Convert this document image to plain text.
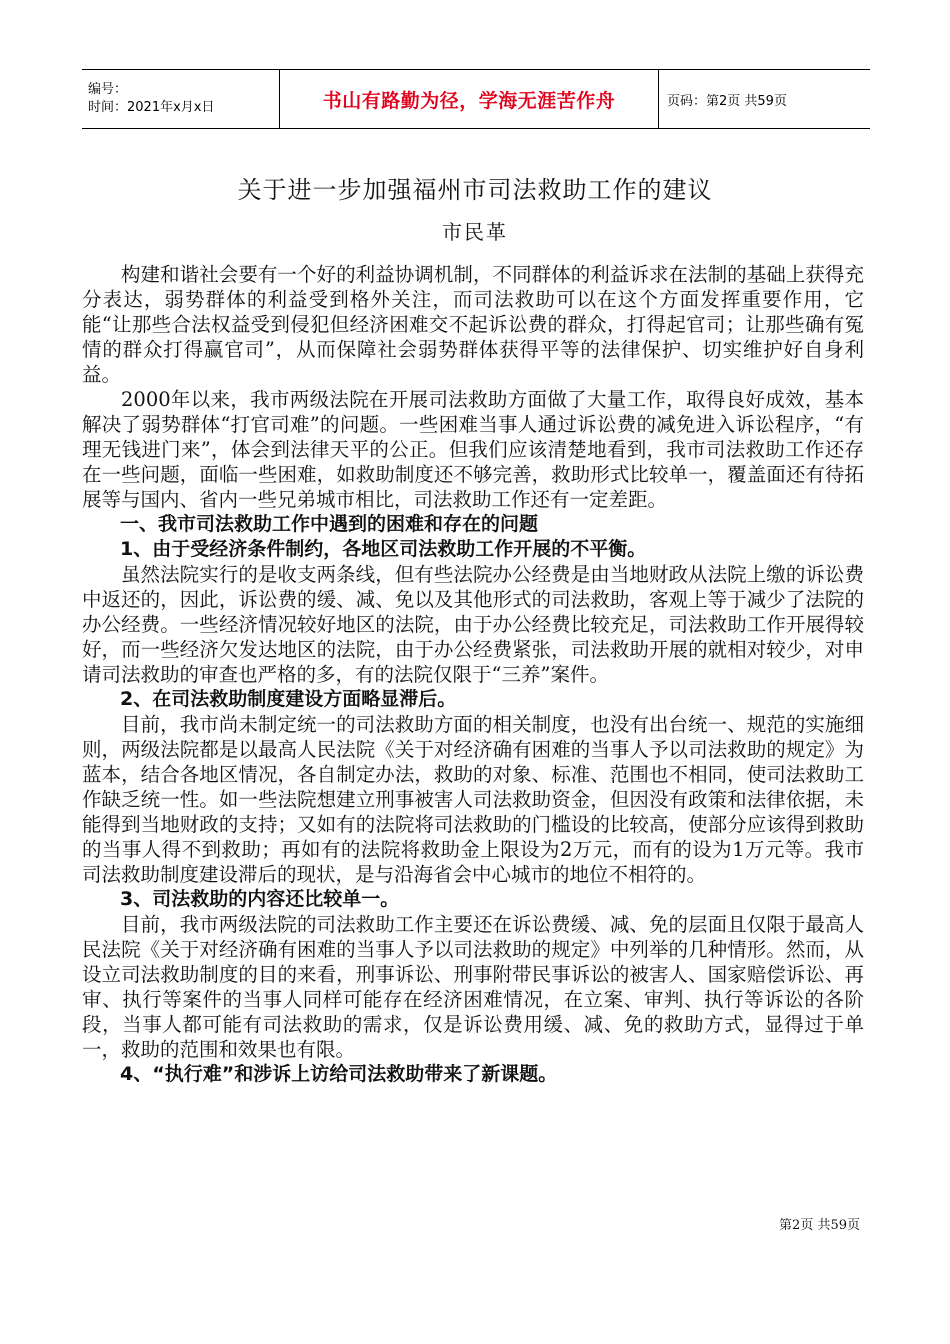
编号：
时间：2021年x月x日	书山有路勤为径，学海无涯苦作舟	页码：第2页 共59页
关于进一步加强福州市司法救助工作的建议
市民革

构建和谐社会要有一个好的利益协调机制，不同群体的利益诉求在法制的基础上获得充分表达，弱势群体的利益受到格外关注，而司法救助可以在这个方面发挥重要作用，它能“让那些合法权益受到侵犯但经济困难交不起诉讼费的群众，打得起官司；让那些确有冤情的群众打得赢官司”，从而保障社会弱势群体获得平等的法律保护、切实维护好自身利益。

2000年以来，我市两级法院在开展司法救助方面做了大量工作，取得良好成效，基本解决了弱势群体“打官司难”的问题。一些困难当事人通过诉讼费的减免进入诉讼程序，“有理无钱进门来”，体会到法律天平的公正。但我们应该清楚地看到，我市司法救助工作还存在一些问题，面临一些困难，如救助制度还不够完善，救助形式比较单一，覆盖面还有待拓展等与国内、省内一些兄弟城市相比，司法救助工作还有一定差距。

一、我市司法救助工作中遇到的困难和存在的问题

1、由于受经济条件制约，各地区司法救助工作开展的不平衡。

虽然法院实行的是收支两条线，但有些法院办公经费是由当地财政从法院上缴的诉讼费中返还的，因此，诉讼费的缓、减、免以及其他形式的司法救助，客观上等于减少了法院的办公经费。一些经济情况较好地区的法院，由于办公经费比较充足，司法救助工作开展得较好，而一些经济欠发达地区的法院，由于办公经费紧张，司法救助开展的就相对较少，对申请司法救助的审查也严格的多，有的法院仅限于“三养”案件。

2、在司法救助制度建设方面略显滞后。

目前，我市尚未制定统一的司法救助方面的相关制度，也没有出台统一、规范的实施细则，两级法院都是以最高人民法院《关于对经济确有困难的当事人予以司法救助的规定》为蓝本，结合各地区情况，各自制定办法，救助的对象、标准、范围也不相同，使司法救助工作缺乏统一性。如一些法院想建立刑事被害人司法救助资金，但因没有政策和法律依据，未能得到当地财政的支持；又如有的法院将司法救助的门槛设的比较高，使部分应该得到救助的当事人得不到救助；再如有的法院将救助金上限设为2万元，而有的设为1万元等。我市司法救助制度建设滞后的现状，是与沿海省会中心城市的地位不相符的。

3、司法救助的内容还比较单一。

目前，我市两级法院的司法救助工作主要还在诉讼费缓、减、免的层面且仅限于最高人民法院《关于对经济确有困难的当事人予以司法救助的规定》中列举的几种情形。然而，从设立司法救助制度的目的来看，刑事诉讼、刑事附带民事诉讼的被害人、国家赔偿诉讼、再审、执行等案件的当事人同样可能存在经济困难情况，在立案、审判、执行等诉讼的各阶段，当事人都可能有司法救助的需求，仅是诉讼费用缓、减、免的救助方式，显得过于单一，救助的范围和效果也有限。

4、“执行难”和涉诉上访给司法救助带来了新课题。

第2页 共59页
